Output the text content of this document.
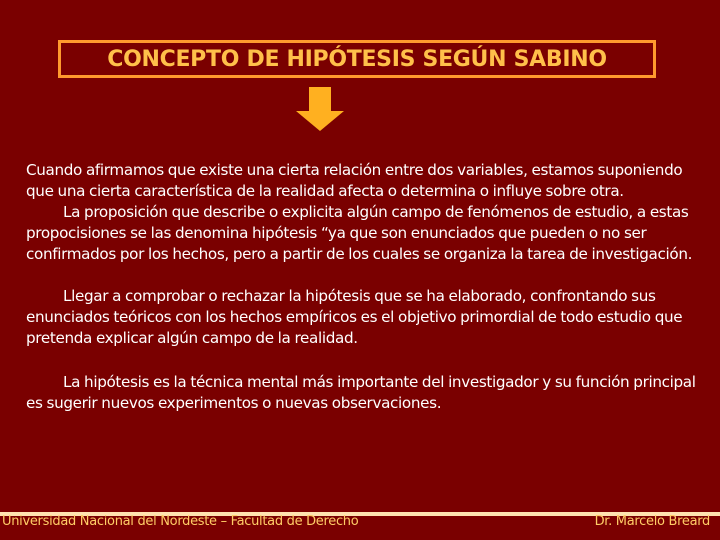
CONCEPTO DE HIPÓTESIS SEGÚN SABINO

Cuando afirmamos que existe una cierta relación entre dos variables, estamos suponiendo que una cierta característica de la realidad afecta o determina o influye sobre otra.

La proposición que describe o explicita algún campo de fenómenos de estudio, a estas propocisiones se las denomina hipótesis “ya que son enunciados que pueden o no ser confirmados por los hechos, pero a partir de los cuales se organiza la tarea de investigación.

Llegar a comprobar o rechazar la hipótesis que se ha elaborado, confrontando sus enunciados teóricos con los hechos empíricos es el objetivo primordial de todo estudio que pretenda explicar algún campo de la realidad.

La hipótesis es la técnica mental más importante del investigador y su función principal es sugerir nuevos experimentos o nuevas observaciones.

Universidad Nacional del Nordeste – Facultad de Derecho	Dr. Marcelo Breard
